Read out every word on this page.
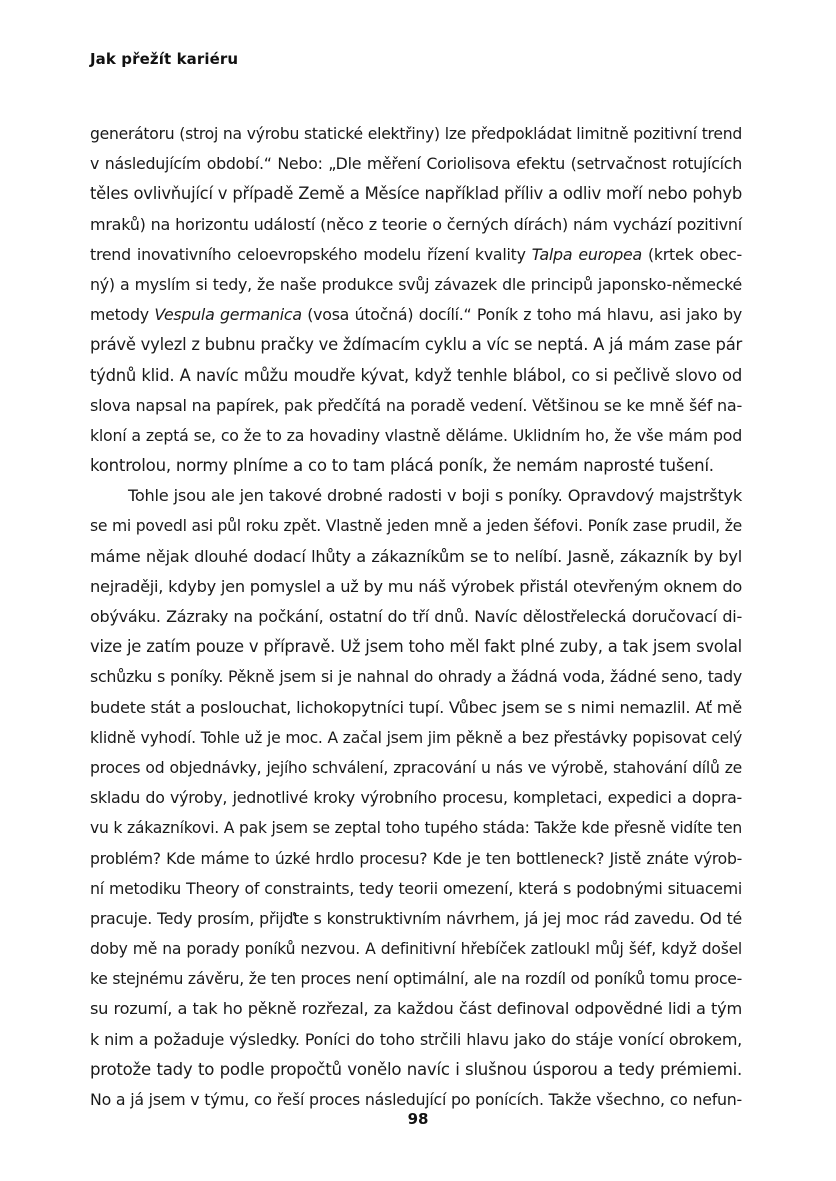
Jak přežít kariéru
generátoru (stroj na výrobu statické elektřiny) lze předpokládat limitně pozitivní trend
v následujícím období.“ Nebo: „Dle měření Coriolisova efektu (setrvačnost rotujících
těles ovlivňující v případě Země a Měsíce například příliv a odliv moří nebo pohyb
mraků) na horizontu událostí (něco z teorie o černých dírách) nám vychází pozitivní
trend inovativního celoevropského modelu řízení kvality Talpa europea (krtek obec-
ný) a myslím si tedy, že naše produkce svůj závazek dle principů japonsko-německé
metody Vespula germanica (vosa útočná) docílí.“ Poník z toho má hlavu, asi jako by
právě vylezl z bubnu pračky ve ždímacím cyklu a víc se neptá. A já mám zase pár
týdnů klid. A navíc můžu moudře kývat, když tenhle blábol, co si pečlivě slovo od
slova napsal na papírek, pak předčítá na poradě vedení. Většinou se ke mně šéf na-
kloní a zeptá se, co že to za hovadiny vlastně děláme. Uklidním ho, že vše mám pod
kontrolou, normy plníme a co to tam plácá poník, že nemám naprosté tušení.
Tohle jsou ale jen takové drobné radosti v boji s poníky. Opravdový majstrštyk
se mi povedl asi půl roku zpět. Vlastně jeden mně a jeden šéfovi. Poník zase prudil, že
máme nějak dlouhé dodací lhůty a zákazníkům se to nelíbí. Jasně, zákazník by byl
nejraději, kdyby jen pomyslel a už by mu náš výrobek přistál otevřeným oknem do
obýváku. Zázraky na počkání, ostatní do tří dnů. Navíc dělostřelecká doručovací di-
vize je zatím pouze v přípravě. Už jsem toho měl fakt plné zuby, a tak jsem svolal
schůzku s poníky. Pěkně jsem si je nahnal do ohrady a žádná voda, žádné seno, tady
budete stát a poslouchat, lichokopytníci tupí. Vůbec jsem se s nimi nemazlil. Ať mě
klidně vyhodí. Tohle už je moc. A začal jsem jim pěkně a bez přestávky popisovat celý
proces od objednávky, jejího schválení, zpracování u nás ve výrobě, stahování dílů ze
skladu do výroby, jednotlivé kroky výrobního procesu, kompletaci, expedici a dopra-
vu k zákazníkovi. A pak jsem se zeptal toho tupého stáda: Takže kde přesně vidíte ten
problém? Kde máme to úzké hrdlo procesu? Kde je ten bottleneck? Jistě znáte výrob-
ní metodiku Theory of constraints, tedy teorii omezení, která s podobnými situacemi
pracuje. Tedy prosím, přijďte s konstruktivním návrhem, já jej moc rád zavedu. Od té
doby mě na porady poníků nezvou. A definitivní hřebíček zatloukl můj šéf, když došel
ke stejnému závěru, že ten proces není optimální, ale na rozdíl od poníků tomu proce-
su rozumí, a tak ho pěkně rozřezal, za každou část definoval odpovědné lidi a tým
k nim a požaduje výsledky. Poníci do toho strčili hlavu jako do stáje vonící obrokem,
protože tady to podle propočtů vonělo navíc i slušnou úsporou a tedy prémiemi.
No a já jsem v týmu, co řeší proces následující po ponících. Takže všechno, co nefun-
98
